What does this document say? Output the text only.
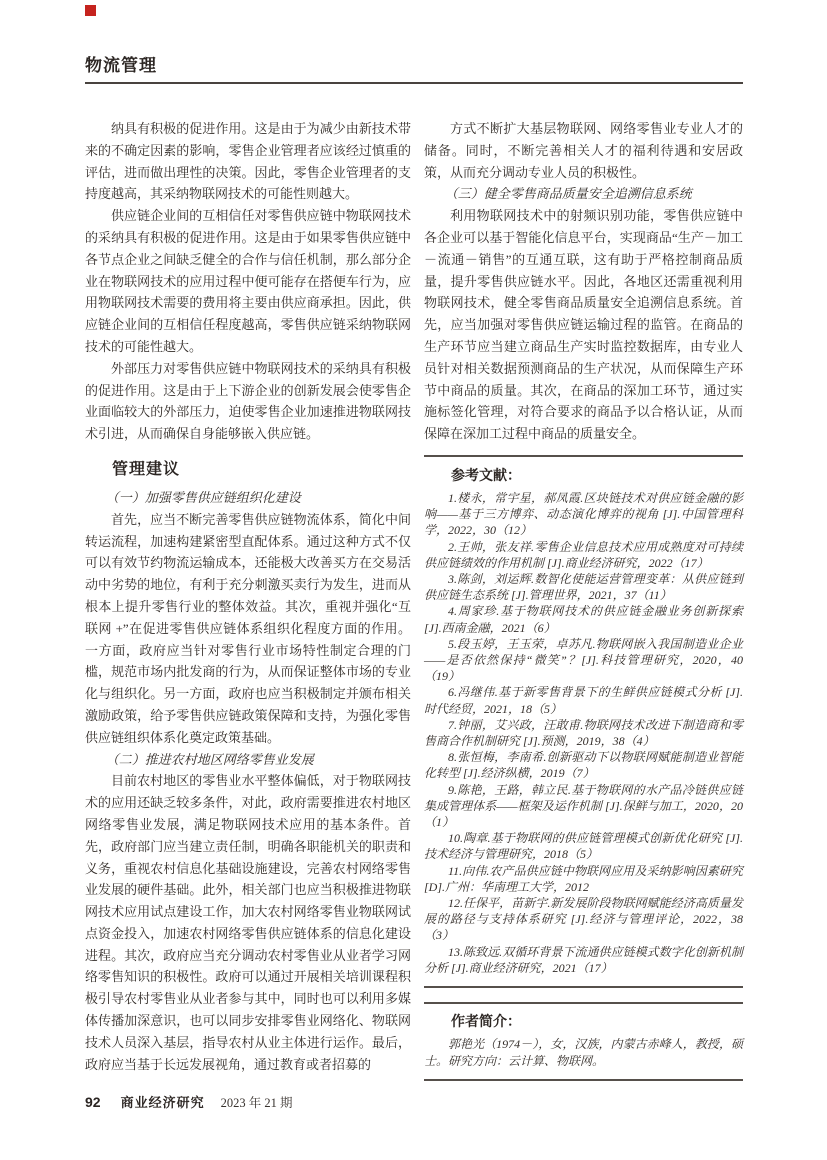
物流管理

纳具有积极的促进作用。这是由于为减少由新技术带来的不确定因素的影响，零售企业管理者应该经过慎重的评估，进而做出理性的决策。因此，零售企业管理者的支持度越高，其采纳物联网技术的可能性则越大。

供应链企业间的互相信任对零售供应链中物联网技术的采纳具有积极的促进作用。这是由于如果零售供应链中各节点企业之间缺乏健全的合作与信任机制，那么部分企业在物联网技术的应用过程中便可能存在搭便车行为，应用物联网技术需要的费用将主要由供应商承担。因此，供应链企业间的互相信任程度越高，零售供应链采纳物联网技术的可能性越大。

外部压力对零售供应链中物联网技术的采纳具有积极的促进作用。这是由于上下游企业的创新发展会使零售企业面临较大的外部压力，迫使零售企业加速推进物联网技术引进，从而确保自身能够嵌入供应链。

管理建议

（一）加强零售供应链组织化建设

首先，应当不断完善零售供应链物流体系，简化中间转运流程，加速构建紧密型直配体系。通过这种方式不仅可以有效节约物流运输成本，还能极大改善买方在交易活动中劣势的地位，有利于充分刺激买卖行为发生，进而从根本上提升零售行业的整体效益。其次，重视并强化“互联网 +”在促进零售供应链体系组织化程度方面的作用。一方面，政府应当针对零售行业市场特性制定合理的门槛，规范市场内批发商的行为，从而保证整体市场的专业化与组织化。另一方面，政府也应当积极制定并颁布相关激励政策，给予零售供应链政策保障和支持，为强化零售供应链组织体系化奠定政策基础。

（二）推进农村地区网络零售业发展

目前农村地区的零售业水平整体偏低，对于物联网技术的应用还缺乏较多条件，对此，政府需要推进农村地区网络零售业发展，满足物联网技术应用的基本条件。首先，政府部门应当建立责任制，明确各职能机关的职责和义务，重视农村信息化基础设施建设，完善农村网络零售业发展的硬件基础。此外，相关部门也应当积极推进物联网技术应用试点建设工作，加大农村网络零售业物联网试点资金投入，加速农村网络零售供应链体系的信息化建设进程。其次，政府应当充分调动农村零售业从业者学习网络零售知识的积极性。政府可以通过开展相关培训课程积极引导农村零售业从业者参与其中，同时也可以利用多媒体传播加深意识，也可以同步安排零售业网络化、物联网技术人员深入基层，指导农村从业主体进行运作。最后，政府应当基于长远发展视角，通过教育或者招募的

方式不断扩大基层物联网、网络零售业专业人才的储备。同时，不断完善相关人才的福利待遇和安居政策，从而充分调动专业人员的积极性。

（三）健全零售商品质量安全追溯信息系统

利用物联网技术中的射频识别功能，零售供应链中各企业可以基于智能化信息平台，实现商品“生产－加工－流通－销售”的互通互联，这有助于严格控制商品质量，提升零售供应链水平。因此，各地区还需重视利用物联网技术，健全零售商品质量安全追溯信息系统。首先，应当加强对零售供应链运输过程的监管。在商品的生产环节应当建立商品生产实时监控数据库，由专业人员针对相关数据预测商品的生产状况，从而保障生产环节中商品的质量。其次，在商品的深加工环节，通过实施标签化管理，对符合要求的商品予以合格认证，从而保障在深加工过程中商品的质量安全。

参考文献：

1.楼永，常宇星，郝凤霞.区块链技术对供应链金融的影响——基于三方博弈、动态演化博弈的视角 [J].中国管理科学，2022，30（12）

2.王帅，张友祥.零售企业信息技术应用成熟度对可持续供应链绩效的作用机制 [J].商业经济研究，2022（17）

3.陈剑，刘运辉.数智化使能运营管理变革：从供应链到供应链生态系统 [J].管理世界，2021，37（11）

4.周家珍.基于物联网技术的供应链金融业务创新探索 [J].西南金融，2021（6）

5.段玉婷，王玉荣，卓苏凡.物联网嵌入我国制造业企业——是否依然保持“微笑”？[J].科技管理研究，2020，40（19）

6.冯继伟.基于新零售背景下的生鲜供应链模式分析 [J].时代经贸，2021，18（5）

7.钟丽，艾兴政，汪敢甫.物联网技术改进下制造商和零售商合作机制研究 [J].预测，2019，38（4）

8.张恒梅，李南希.创新驱动下以物联网赋能制造业智能化转型 [J].经济纵横，2019（7）

9.陈艳，王路，韩立民.基于物联网的水产品冷链供应链集成管理体系——框架及运作机制 [J].保鲜与加工，2020，20（1）

10.陶章.基于物联网的供应链管理模式创新优化研究 [J].技术经济与管理研究，2018（5）

11.向伟.农产品供应链中物联网应用及采纳影响因素研究 [D].广州：华南理工大学，2012

12.任保平，苗新宇.新发展阶段物联网赋能经济高质量发展的路径与支持体系研究 [J].经济与管理评论，2022，38（3）

13.陈致远.双循环背景下流通供应链模式数字化创新机制分析 [J].商业经济研究，2021（17）

作者简介：

郭艳光（1974－），女，汉族，内蒙古赤峰人，教授，硕士。研究方向：云计算、物联网。

92 商业经济研究 2023 年 21 期
